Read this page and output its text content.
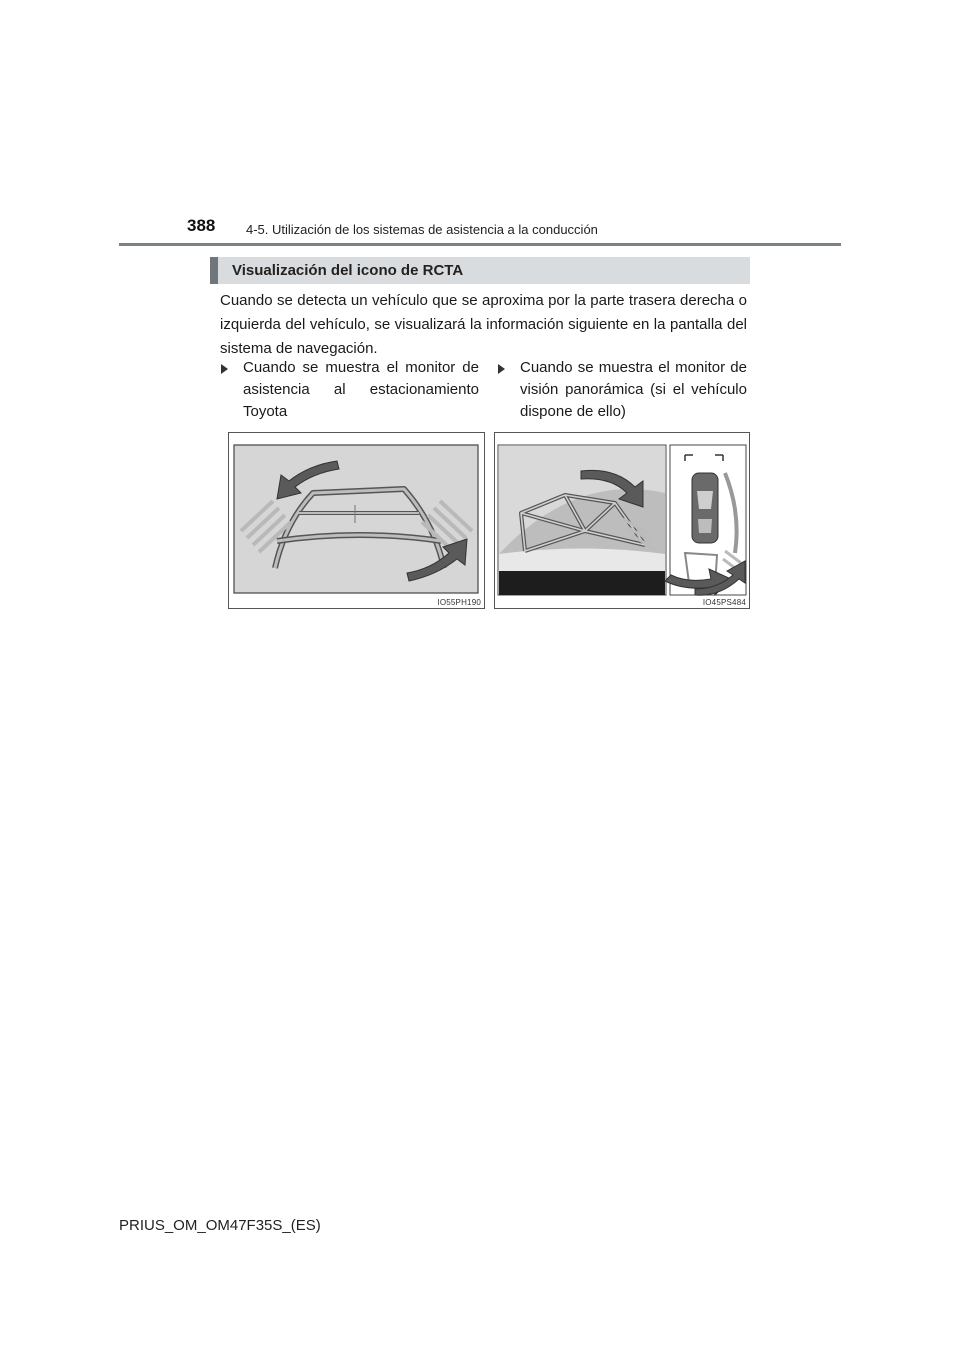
388 4-5. Utilización de los sistemas de asistencia a la conducción
Visualización del icono de RCTA
Cuando se detecta un vehículo que se aproxima por la parte trasera derecha o izquierda del vehículo, se visualizará la información siguiente en la pantalla del sistema de navegación.
Cuando se muestra el monitor de asistencia al estacionamiento Toyota
Cuando se muestra el monitor de visión panorámica (si el vehículo dispone de ello)
IO55PH190	IO45PS484
PRIUS_OM_OM47F35S_(ES)
